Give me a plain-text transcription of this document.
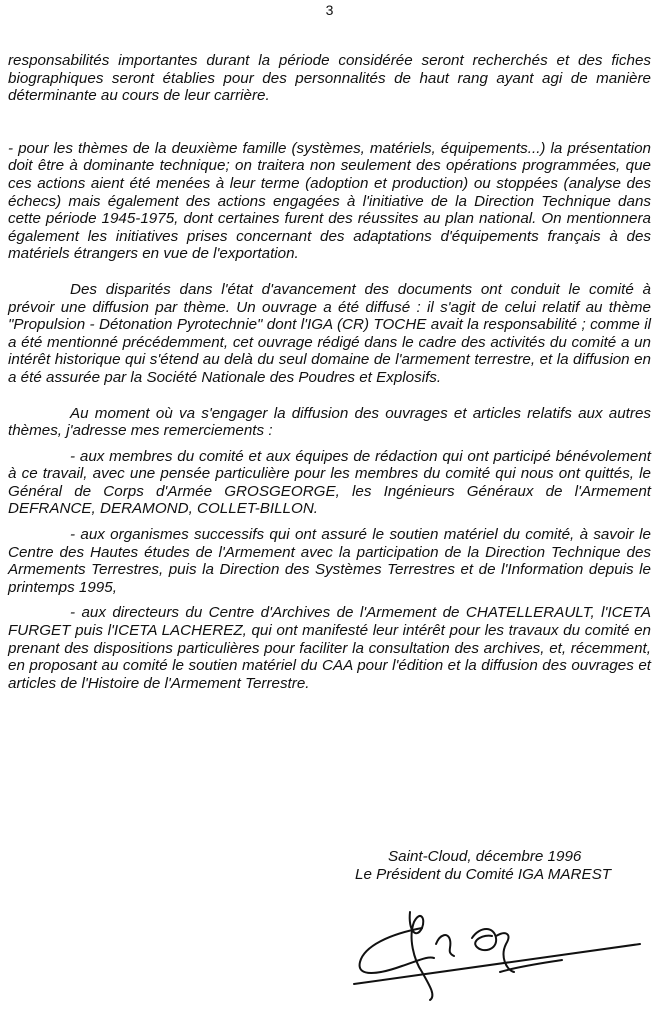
3

responsabilités importantes durant la période considérée seront recherchés et des fiches biographiques seront établies pour des personnalités de haut rang ayant agi de manière déterminante au cours de leur carrière.

- pour les thèmes de la deuxième famille (systèmes, matériels, équipements...) la présentation doit être à dominante technique; on traitera non seulement des opérations programmées, que ces actions aient été menées à leur terme (adoption et production) ou stoppées (analyse des échecs) mais également des actions engagées à l'initiative de la Direction Technique dans cette période 1945-1975, dont certaines furent des réussites au plan national. On mentionnera également les initiatives prises concernant des adaptations d'équipements français à des matériels étrangers en vue de l'exportation.

Des disparités dans l'état d'avancement des documents ont conduit le comité à prévoir une diffusion par thème. Un ouvrage a été diffusé : il s'agit de celui relatif au thème "Propulsion - Détonation Pyrotechnie" dont l'IGA (CR) TOCHE avait la responsabilité ; comme il a été mentionné précédemment, cet ouvrage rédigé dans le cadre des activités du comité a un intérêt historique qui s'étend au delà du seul domaine de l'armement terrestre, et la diffusion en a été assurée par la Société Nationale des Poudres et Explosifs.

Au moment où va s'engager la diffusion des ouvrages et articles relatifs aux autres thèmes, j'adresse mes remerciements :

- aux membres du comité et aux équipes de rédaction qui ont participé bénévolement à ce travail, avec une pensée particulière pour les membres du comité qui nous ont quittés, le Général de Corps d'Armée GROSGEORGE, les Ingénieurs Généraux de l'Armement DEFRANCE, DERAMOND, COLLET-BILLON.

- aux organismes successifs qui ont assuré le soutien matériel du comité, à savoir le Centre des Hautes études de l'Armement avec la participation de la Direction Technique des Armements Terrestres, puis la Direction des Systèmes Terrestres et de l'Information depuis le printemps 1995,

- aux directeurs du Centre d'Archives de l'Armement de CHATELLERAULT, l'ICETA FURGET puis l'ICETA LACHEREZ, qui ont manifesté leur intérêt pour les travaux du comité en prenant des dispositions particulières pour faciliter la consultation des archives, et, récemment, en proposant au comité le soutien matériel du CAA pour l'édition et la diffusion des ouvrages et articles de l'Histoire de l'Armement Terrestre.

Saint-Cloud, décembre 1996
Le Président du Comité IGA MAREST
